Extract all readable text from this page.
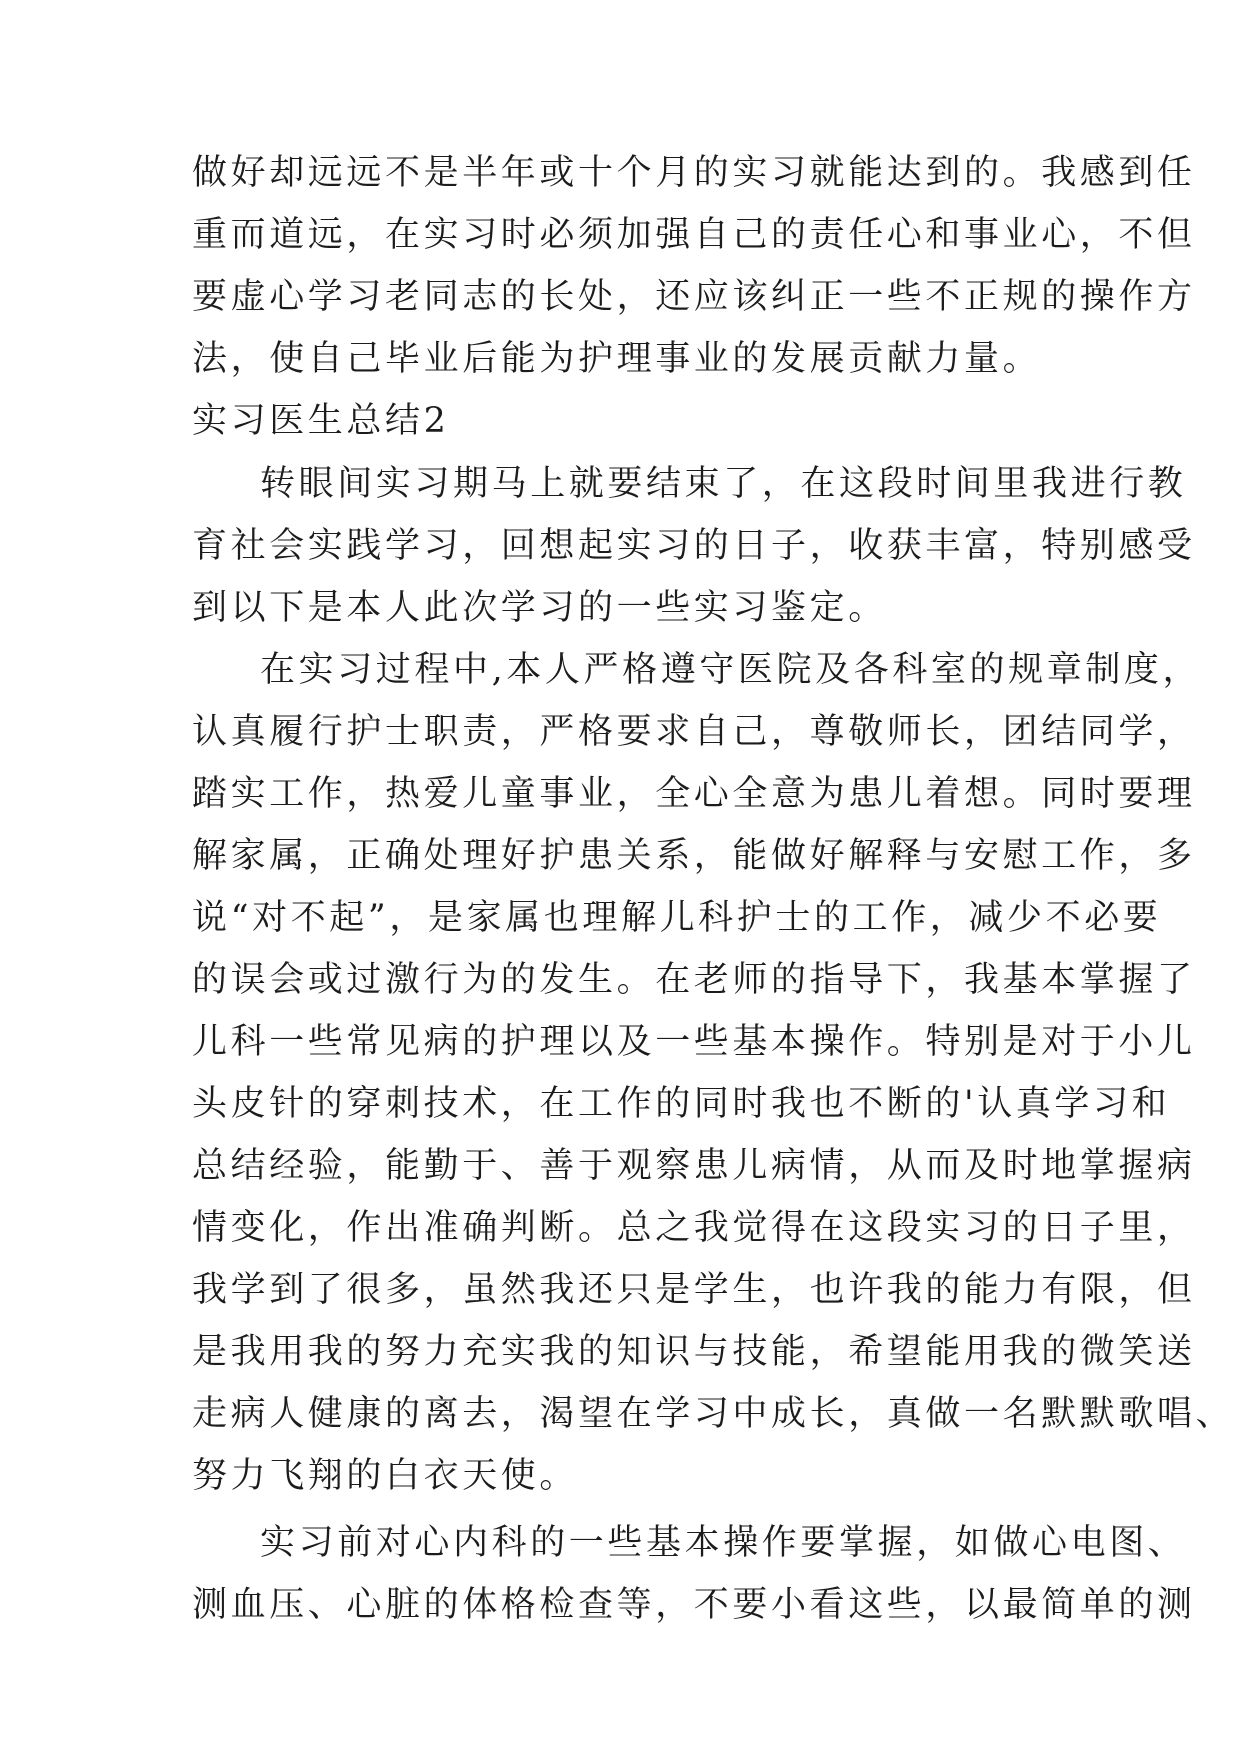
做好却远远不是半年或十个月的实习就能达到的。我感到任
重而道远，在实习时必须加强自己的责任心和事业心，不但
要虚心学习老同志的长处，还应该纠正一些不正规的操作方
法，使自己毕业后能为护理事业的发展贡献力量。
实习医生总结2
转眼间实习期马上就要结束了，在这段时间里我进行教
育社会实践学习，回想起实习的日子，收获丰富，特别感受
到以下是本人此次学习的一些实习鉴定。
在实习过程中,本人严格遵守医院及各科室的规章制度，
认真履行护士职责，严格要求自己，尊敬师长，团结同学，
踏实工作，热爱儿童事业，全心全意为患儿着想。同时要理
解家属，正确处理好护患关系，能做好解释与安慰工作，多
说“对不起”，是家属也理解儿科护士的工作，减少不必要
的误会或过激行为的发生。在老师的指导下，我基本掌握了
儿科一些常见病的护理以及一些基本操作。特别是对于小儿
头皮针的穿刺技术，在工作的同时我也不断的'认真学习和
总结经验，能勤于、善于观察患儿病情，从而及时地掌握病
情变化，作出准确判断。总之我觉得在这段实习的日子里，
我学到了很多，虽然我还只是学生，也许我的能力有限，但
是我用我的努力充实我的知识与技能，希望能用我的微笑送
走病人健康的离去，渴望在学习中成长，真做一名默默歌唱、
努力飞翔的白衣天使。
实习前对心内科的一些基本操作要掌握，如做心电图、
测血压、心脏的体格检查等，不要小看这些，以最简单的测
